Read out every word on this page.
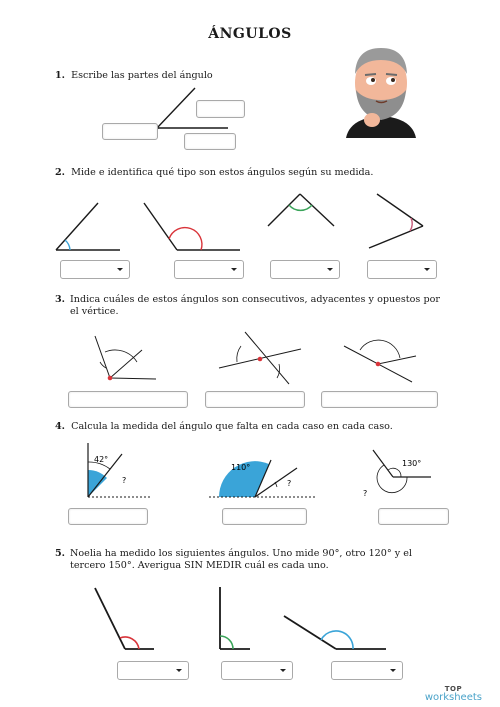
ÁNGULOS
1. Escribe las partes del ángulo
2. Mide e identifica qué tipo son estos ángulos según su medida.
3. Indica cuáles de estos ángulos son consecutivos, adyacentes y opuestos por el vértice.
4. Calcula la medida del ángulo que falta en cada caso en cada caso.
42°
?
110°
?
130°
?
5. Noelia ha medido los siguientes ángulos. Uno mide 90°, otro 120° y el tercero 150°. Averigua SIN MEDIR cuál es cada uno.
TOP
worksheets
